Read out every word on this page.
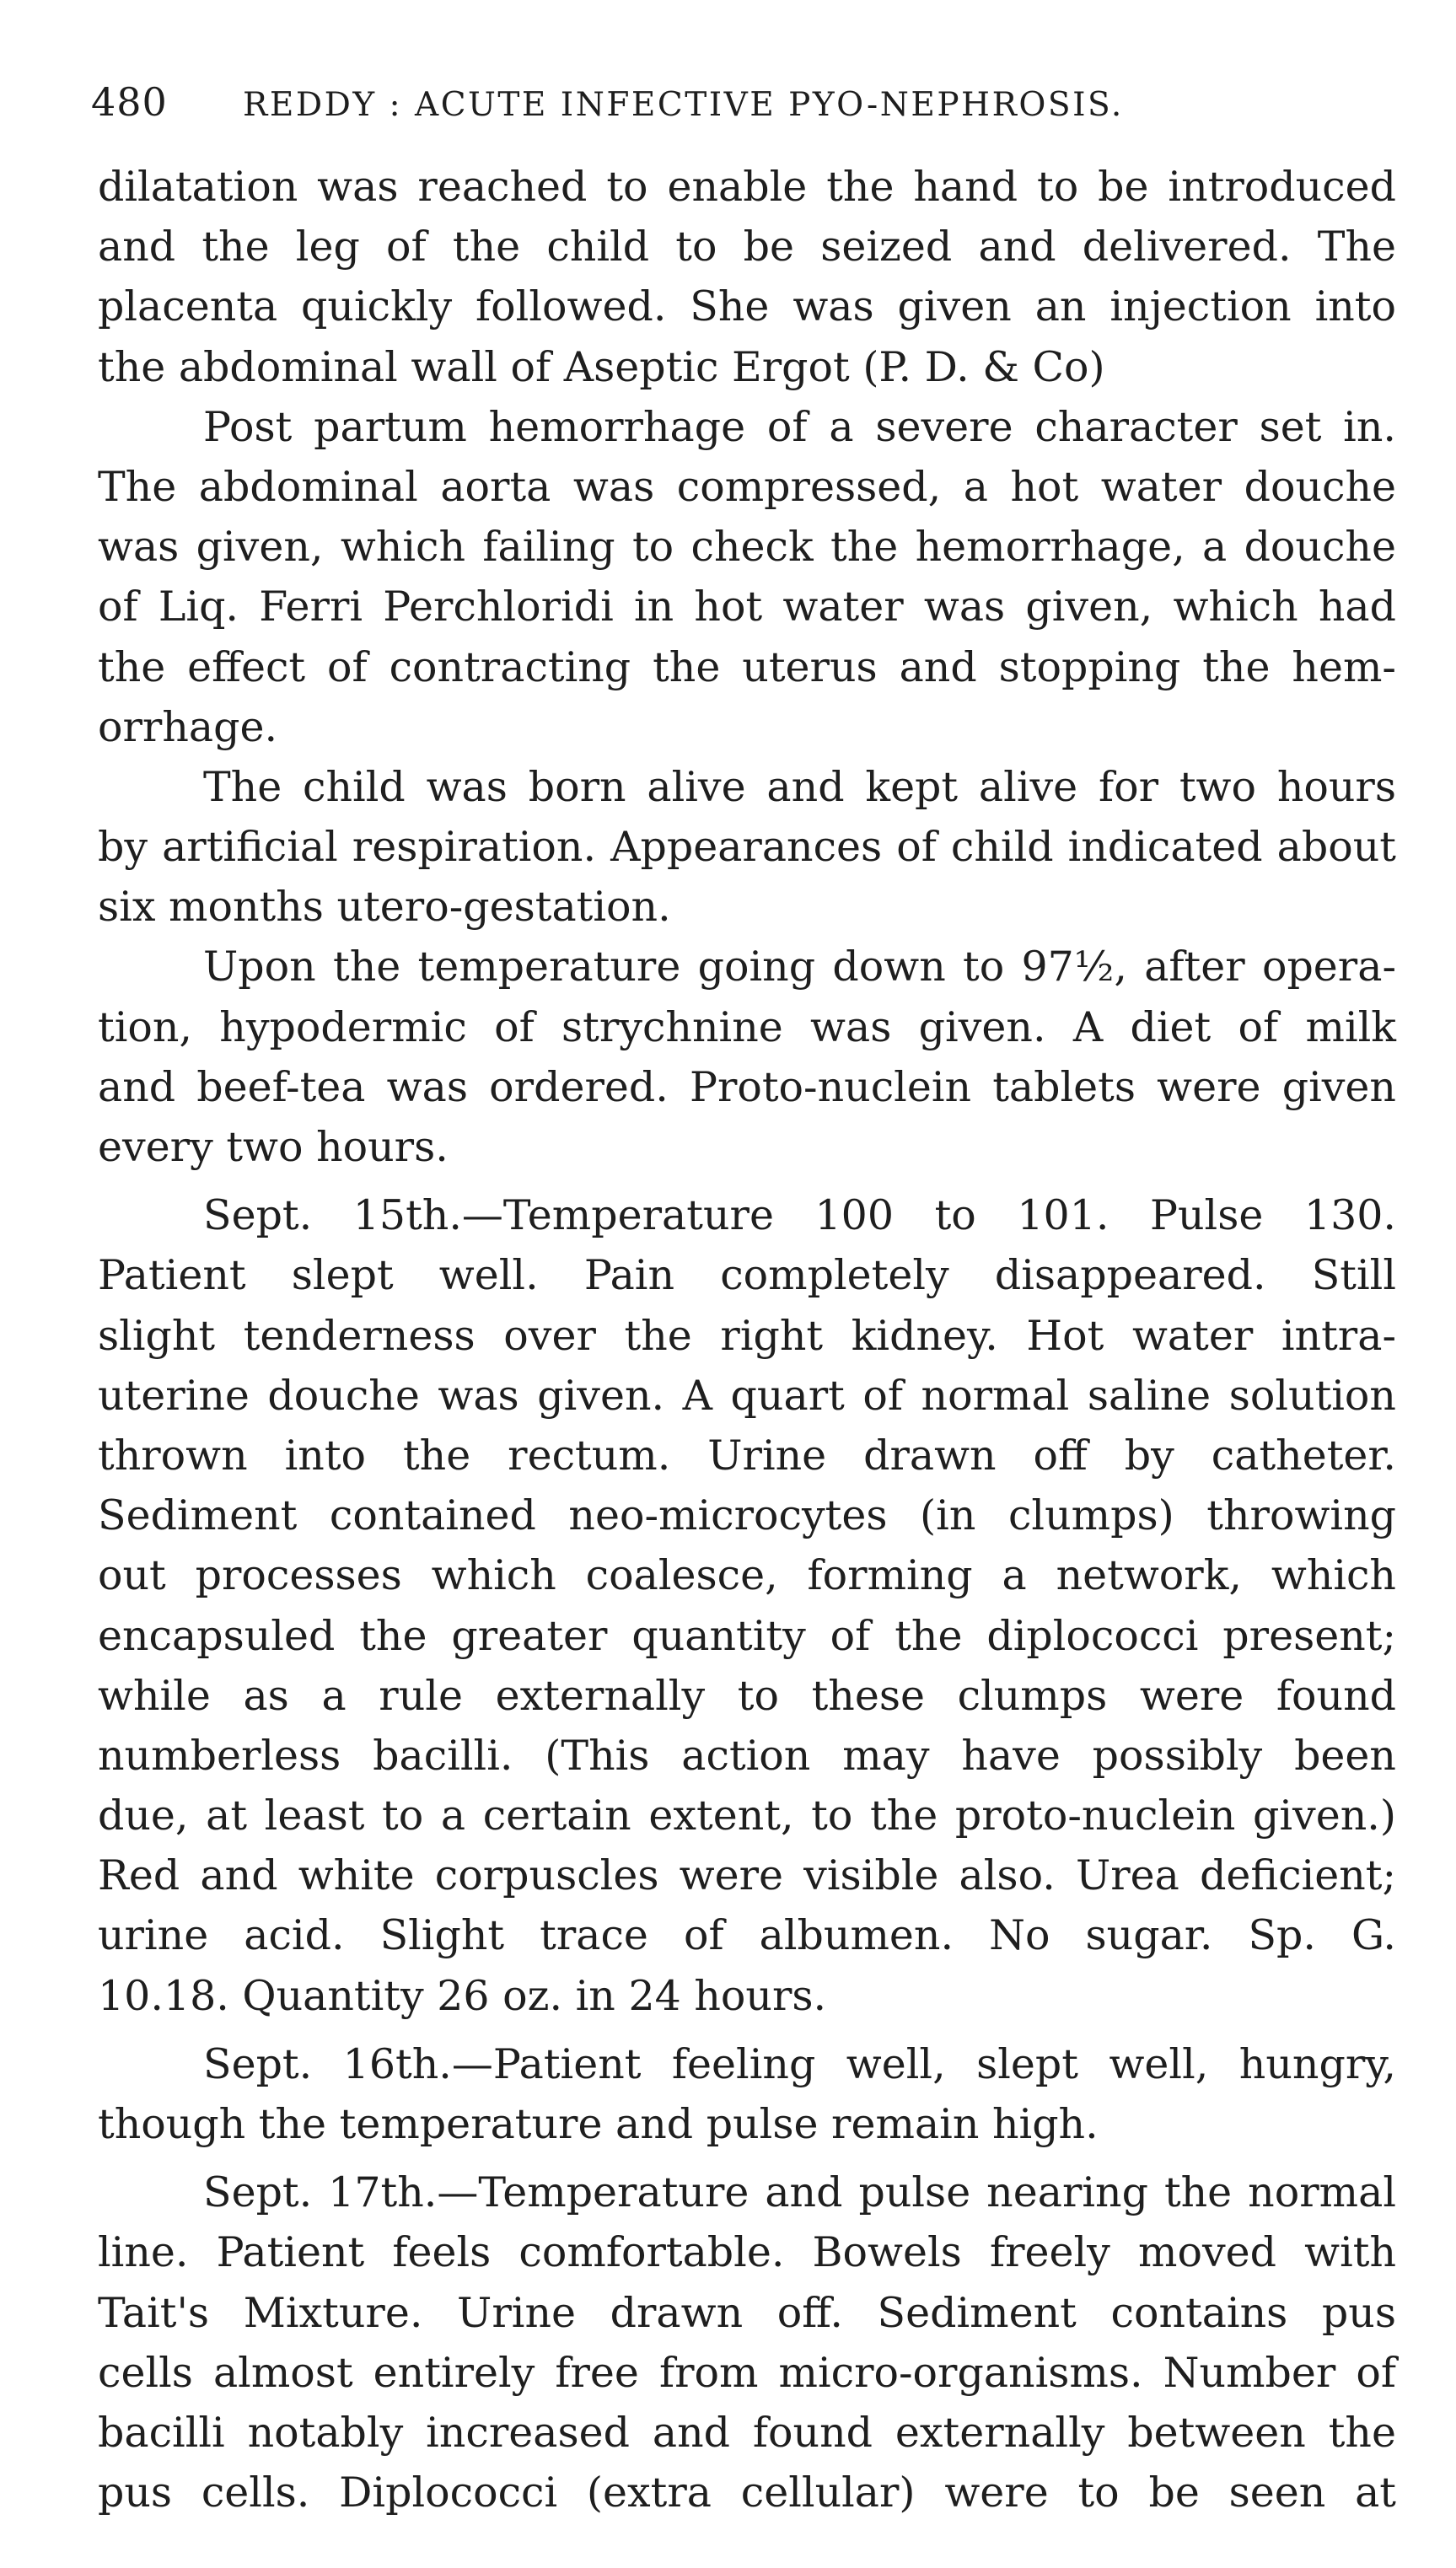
480 REDDY : ACUTE INFECTIVE PYO-NEPHROSIS.
dilatation was reached to enable the hand to be introduced
and the leg of the child to be seized and delivered. The
placenta quickly followed. She was given an injection into
the abdominal wall of Aseptic Ergot (P. D. & Co)
Post partum hemorrhage of a severe character set in.
The abdominal aorta was compressed, a hot water douche
was given, which failing to check the hemorrhage, a douche
of Liq. Ferri Perchloridi in hot water was given, which had
the effect of contracting the uterus and stopping the hem-
orrhage.
The child was born alive and kept alive for two hours
by artificial respiration. Appearances of child indicated about
six months utero-gestation.
Upon the temperature going down to 97½, after opera-
tion, hypodermic of strychnine was given. A diet of milk
and beef-tea was ordered. Proto-nuclein tablets were given
every two hours.
Sept. 15th.—Temperature 100 to 101. Pulse 130.
Patient slept well. Pain completely disappeared. Still
slight tenderness over the right kidney. Hot water intra-
uterine douche was given. A quart of normal saline solution
thrown into the rectum. Urine drawn off by catheter.
Sediment contained neo-microcytes (in clumps) throwing
out processes which coalesce, forming a network, which
encapsuled the greater quantity of the diplococci present;
while as a rule externally to these clumps were found
numberless bacilli. (This action may have possibly been
due, at least to a certain extent, to the proto-nuclein given.)
Red and white corpuscles were visible also. Urea deficient;
urine acid. Slight trace of albumen. No sugar. Sp. G.
10.18. Quantity 26 oz. in 24 hours.
Sept. 16th.—Patient feeling well, slept well, hungry,
though the temperature and pulse remain high.
Sept. 17th.—Temperature and pulse nearing the normal
line. Patient feels comfortable. Bowels freely moved with
Tait's Mixture. Urine drawn off. Sediment contains pus
cells almost entirely free from micro-organisms. Number of
bacilli notably increased and found externally between the
pus cells. Diplococci (extra cellular) were to be seen at
